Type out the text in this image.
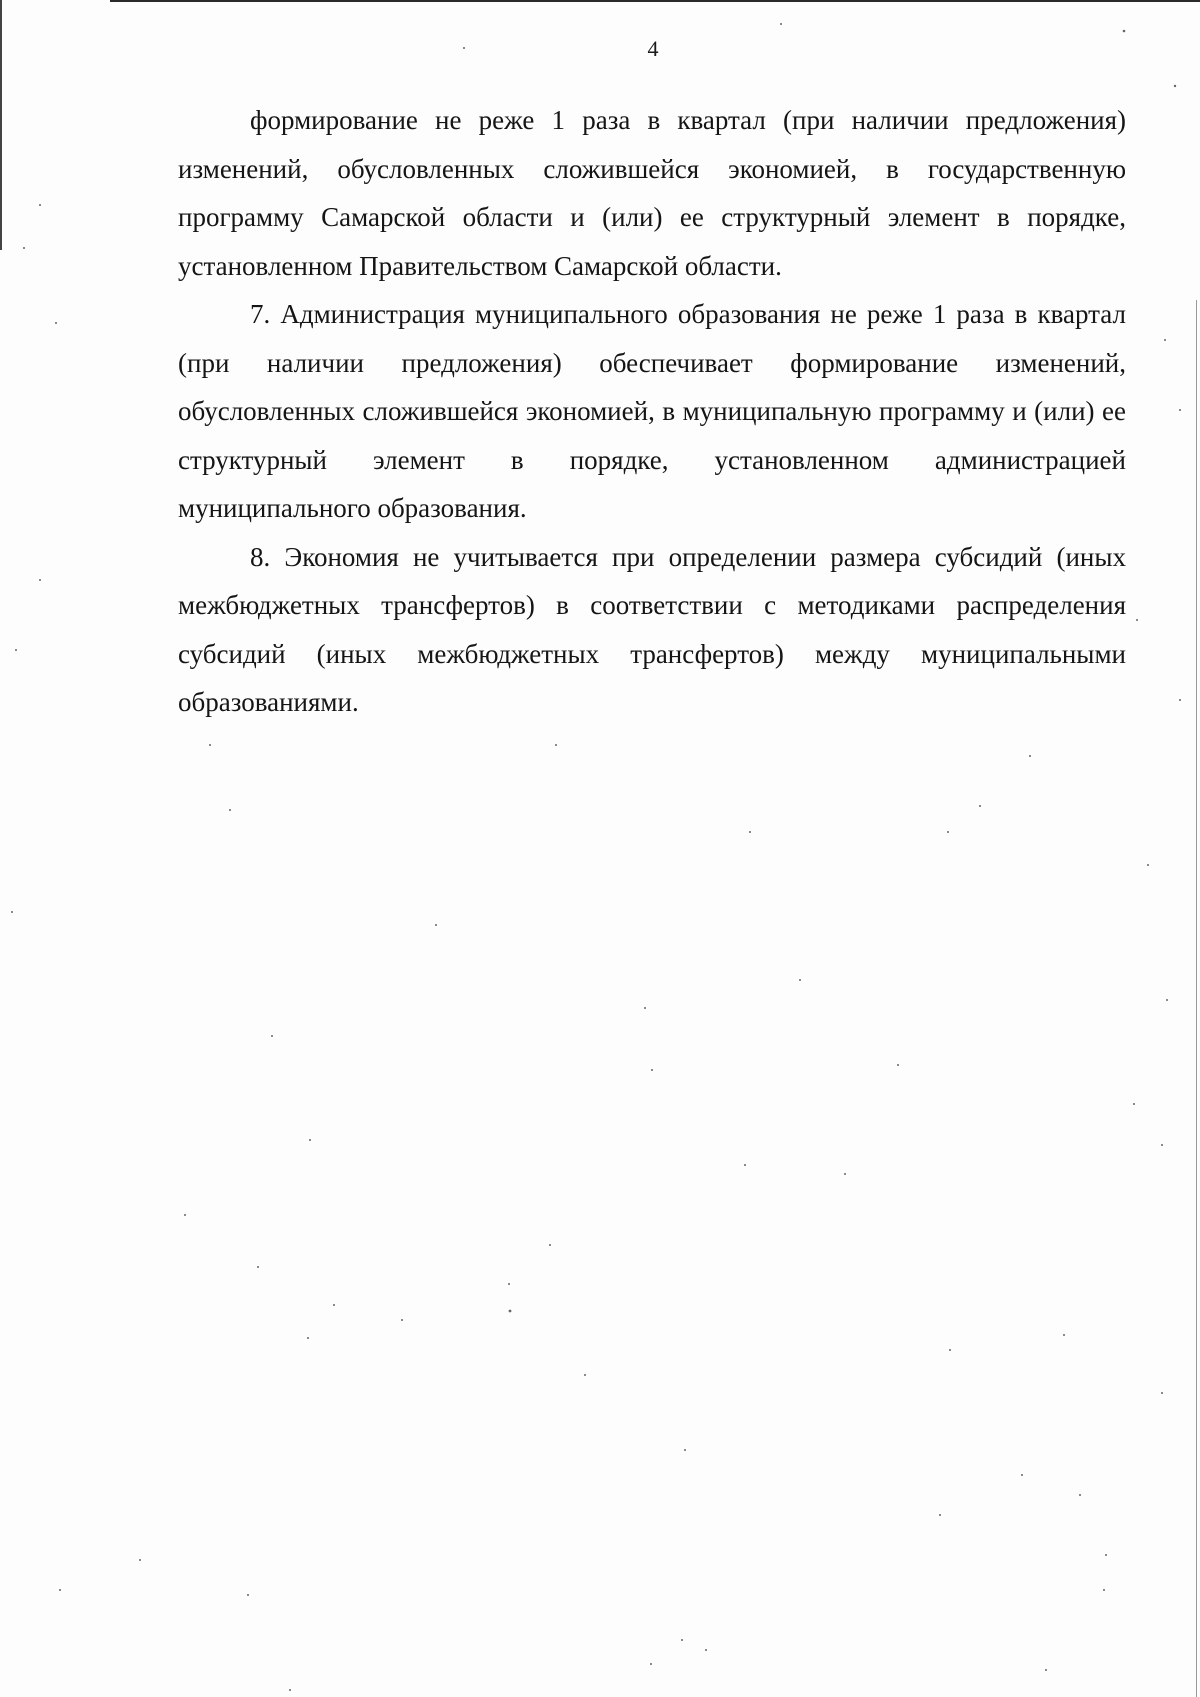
4

формирование не реже 1 раза в квартал (при наличии предложения) изменений, обусловленных сложившейся экономией, в государственную программу Самарской области и (или) ее структурный элемент в порядке, установленном Правительством Самарской области.

7. Администрация муниципального образования не реже 1 раза в квартал (при наличии предложения) обеспечивает формирование изменений, обусловленных сложившейся экономией, в муниципальную программу и (или) ее структурный элемент в порядке, установленном администрацией муниципального образования.

8. Экономия не учитывается при определении размера субсидий (иных межбюджетных трансфертов) в соответствии с методиками распределения субсидий (иных межбюджетных трансфертов) между муниципальными образованиями.
